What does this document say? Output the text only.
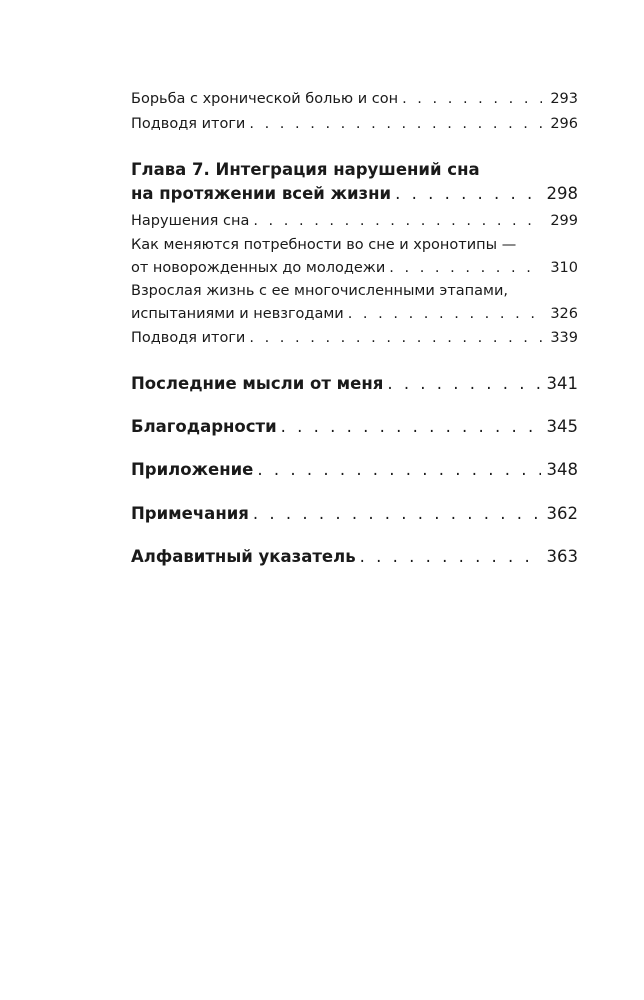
Борьба с хронической болью и сон . . .	293
Подводя итоги . . .	296
Глава 7. Интеграция нарушений сна
на протяжении всей жизни . . .	298
Нарушения сна . . .	299
Как меняются потребности во сне и хронотипы —
от новорожденных до молодежи . . .	310
Взрослая жизнь с ее многочисленными этапами,
испытаниями и невзгодами . . .	326
Подводя итоги . . .	339
Последние мысли от меня . . .	341
Благодарности . . .	345
Приложение . . .	348
Примечания . . .	362
Алфавитный указатель . . .	363
